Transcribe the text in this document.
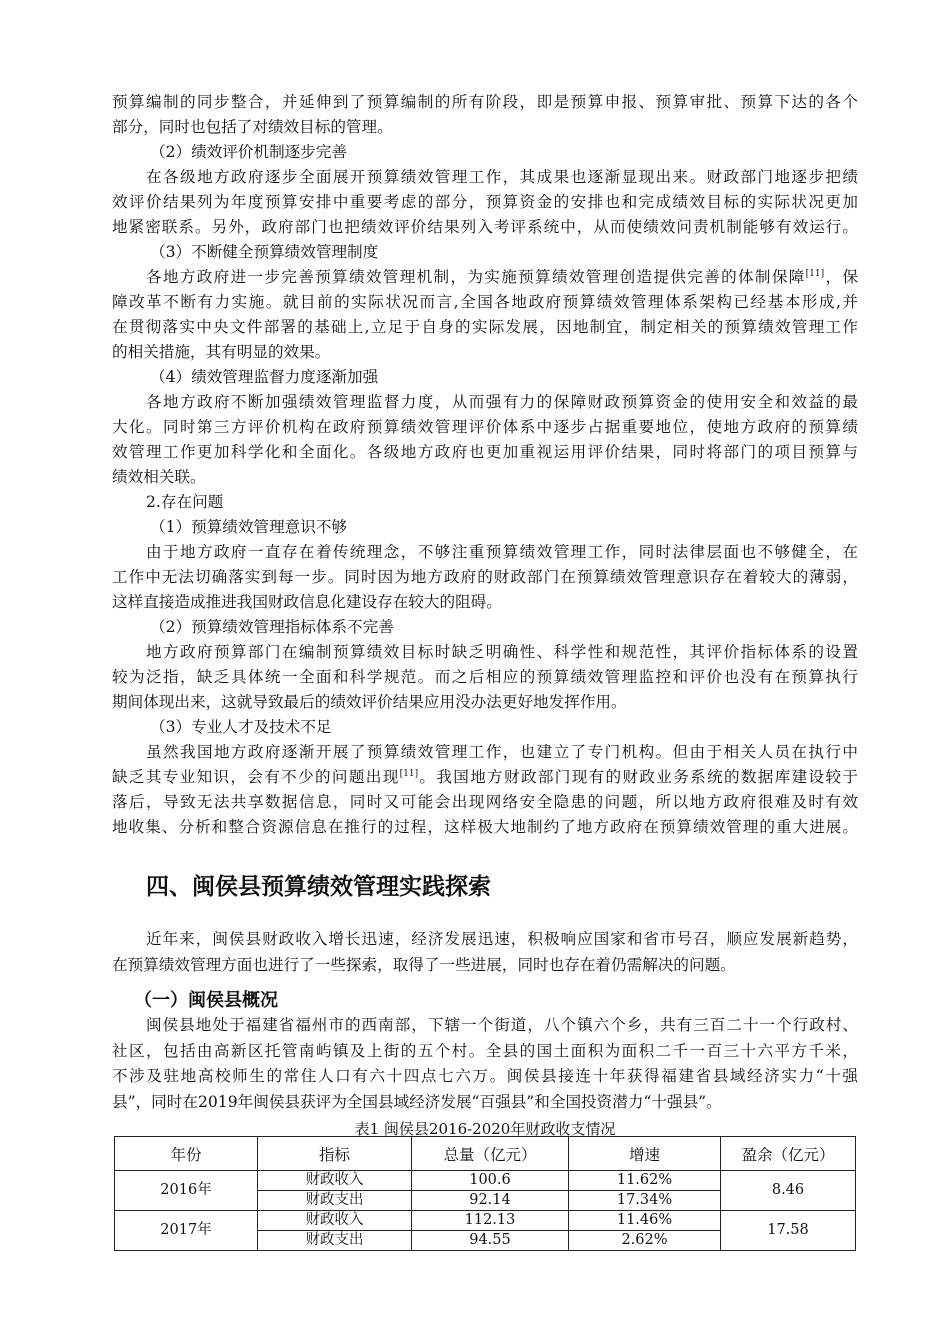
预算编制的同步整合，并延伸到了预算编制的所有阶段，即是预算申报、预算审批、预算下达的各个
部分，同时也包括了对绩效目标的管理。
（2）绩效评价机制逐步完善
在各级地方政府逐步全面展开预算绩效管理工作，其成果也逐渐显现出来。财政部门地逐步把绩
效评价结果列为年度预算安排中重要考虑的部分，预算资金的安排也和完成绩效目标的实际状况更加
地紧密联系。另外，政府部门也把绩效评价结果列入考评系统中，从而使绩效问责机制能够有效运行。
（3）不断健全预算绩效管理制度
各地方政府进一步完善预算绩效管理机制，为实施预算绩效管理创造提供完善的体制保障[11]，保
障改革不断有力实施。就目前的实际状况而言,全国各地政府预算绩效管理体系架构已经基本形成,并
在贯彻落实中央文件部署的基础上,立足于自身的实际发展，因地制宜，制定相关的预算绩效管理工作
的相关措施，其有明显的效果。
（4）绩效管理监督力度逐渐加强
各地方政府不断加强绩效管理监督力度，从而强有力的保障财政预算资金的使用安全和效益的最
大化。同时第三方评价机构在政府预算绩效管理评价体系中逐步占据重要地位，使地方政府的预算绩
效管理工作更加科学化和全面化。各级地方政府也更加重视运用评价结果，同时将部门的项目预算与
绩效相关联。
2.存在问题
（1）预算绩效管理意识不够
由于地方政府一直存在着传统理念，不够注重预算绩效管理工作，同时法律层面也不够健全，在
工作中无法切确落实到每一步。同时因为地方政府的财政部门在预算绩效管理意识存在着较大的薄弱，
这样直接造成推进我国财政信息化建设存在较大的阻碍。
（2）预算绩效管理指标体系不完善
地方政府预算部门在编制预算绩效目标时缺乏明确性、科学性和规范性，其评价指标体系的设置
较为泛指，缺乏具体统一全面和科学规范。而之后相应的预算绩效管理监控和评价也没有在预算执行
期间体现出来，这就导致最后的绩效评价结果应用没办法更好地发挥作用。
（3）专业人才及技术不足
虽然我国地方政府逐渐开展了预算绩效管理工作，也建立了专门机构。但由于相关人员在执行中
缺乏其专业知识，会有不少的问题出现[11]。我国地方财政部门现有的财政业务系统的数据库建设较于
落后，导致无法共享数据信息，同时又可能会出现网络安全隐患的问题，所以地方政府很难及时有效
地收集、分析和整合资源信息在推行的过程，这样极大地制约了地方政府在预算绩效管理的重大进展。
四、闽侯县预算绩效管理实践探索
近年来，闽侯县财政收入增长迅速，经济发展迅速，积极响应国家和省市号召，顺应发展新趋势，
在预算绩效管理方面也进行了一些探索，取得了一些进展，同时也存在着仍需解决的问题。
（一）闽侯县概况
闽侯县地处于福建省福州市的西南部，下辖一个街道，八个镇六个乡，共有三百二十一个行政村、
社区，包括由高新区托管南屿镇及上街的五个村。全县的国土面积为面积二千一百三十六平方千米，
不涉及驻地高校师生的常住人口有六十四点七六万。闽侯县接连十年获得福建省县域经济实力“十强
县”，同时在2019年闽侯县获评为全国县域经济发展“百强县”和全国投资潜力“十强县”。
表1 闽侯县2016-2020年财政收支情况
年份	指标	总量（亿元）	增速	盈余（亿元）
2016年	财政收入	100.6	11.62%	8.46
	财政支出	92.14	17.34%	
2017年	财政收入	112.13	11.46%	17.58
	财政支出	94.55	2.62%	
